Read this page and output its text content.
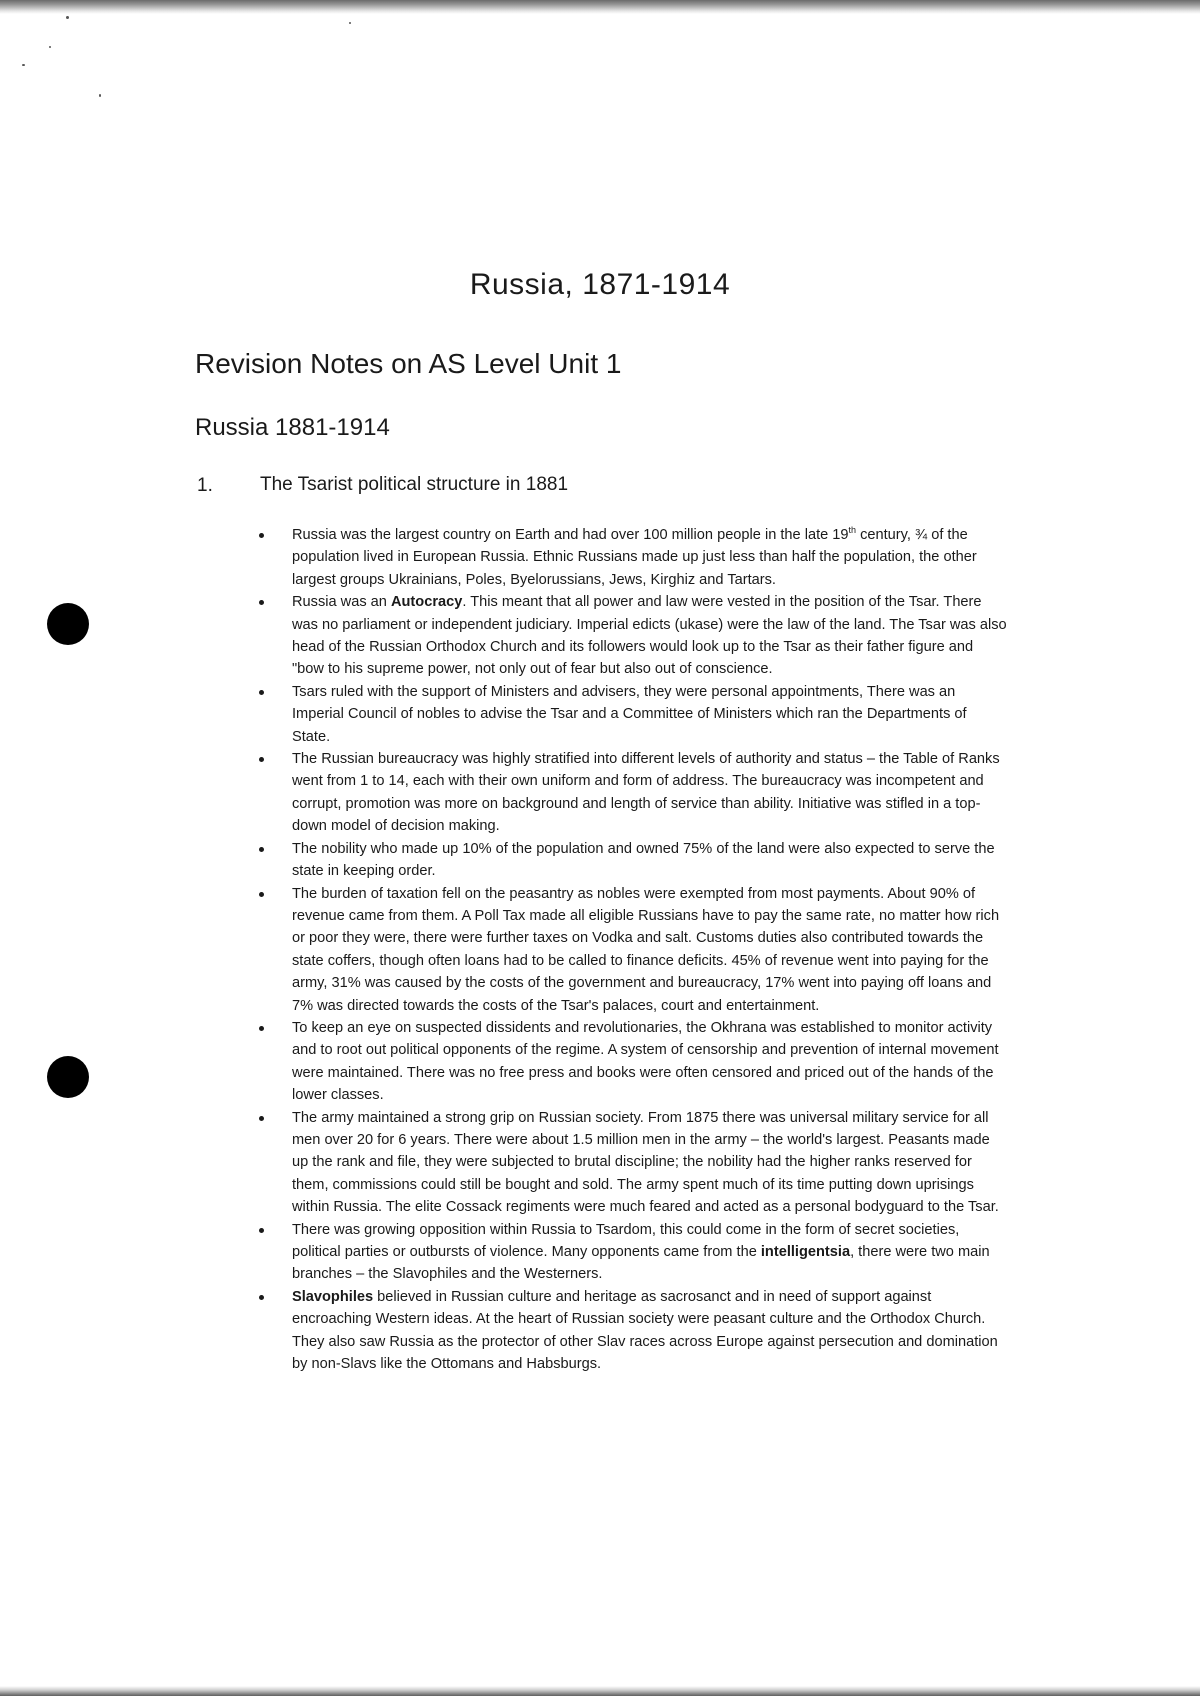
Russia, 1871-1914
Revision Notes on AS Level Unit 1
Russia 1881-1914
1. The Tsarist political structure in 1881
Russia was the largest country on Earth and had over 100 million people in the late 19th century, ¾ of the population lived in European Russia. Ethnic Russians made up just less than half the population, the other largest groups Ukrainians, Poles, Byelorussians, Jews, Kirghiz and Tartars.
Russia was an Autocracy. This meant that all power and law were vested in the position of the Tsar. There was no parliament or independent judiciary. Imperial edicts (ukase) were the law of the land. The Tsar was also head of the Russian Orthodox Church and its followers would look up to the Tsar as their father figure and "bow to his supreme power, not only out of fear but also out of conscience.
Tsars ruled with the support of Ministers and advisers, they were personal appointments, There was an Imperial Council of nobles to advise the Tsar and a Committee of Ministers which ran the Departments of State.
The Russian bureaucracy was highly stratified into different levels of authority and status – the Table of Ranks went from 1 to 14, each with their own uniform and form of address. The bureaucracy was incompetent and corrupt, promotion was more on background and length of service than ability. Initiative was stifled in a top-down model of decision making.
The nobility who made up 10% of the population and owned 75% of the land were also expected to serve the state in keeping order.
The burden of taxation fell on the peasantry as nobles were exempted from most payments. About 90% of revenue came from them. A Poll Tax made all eligible Russians have to pay the same rate, no matter how rich or poor they were, there were further taxes on Vodka and salt. Customs duties also contributed towards the state coffers, though often loans had to be called to finance deficits. 45% of revenue went into paying for the army, 31% was caused by the costs of the government and bureaucracy, 17% went into paying off loans and 7% was directed towards the costs of the Tsar's palaces, court and entertainment.
To keep an eye on suspected dissidents and revolutionaries, the Okhrana was established to monitor activity and to root out political opponents of the regime. A system of censorship and prevention of internal movement were maintained. There was no free press and books were often censored and priced out of the hands of the lower classes.
The army maintained a strong grip on Russian society. From 1875 there was universal military service for all men over 20 for 6 years. There were about 1.5 million men in the army – the world's largest. Peasants made up the rank and file, they were subjected to brutal discipline; the nobility had the higher ranks reserved for them, commissions could still be bought and sold. The army spent much of its time putting down uprisings within Russia. The elite Cossack regiments were much feared and acted as a personal bodyguard to the Tsar.
There was growing opposition within Russia to Tsardom, this could come in the form of secret societies, political parties or outbursts of violence. Many opponents came from the intelligentsia, there were two main branches – the Slavophiles and the Westerners.
Slavophiles believed in Russian culture and heritage as sacrosanct and in need of support against encroaching Western ideas. At the heart of Russian society were peasant culture and the Orthodox Church. They also saw Russia as the protector of other Slav races across Europe against persecution and domination by non-Slavs like the Ottomans and Habsburgs.
